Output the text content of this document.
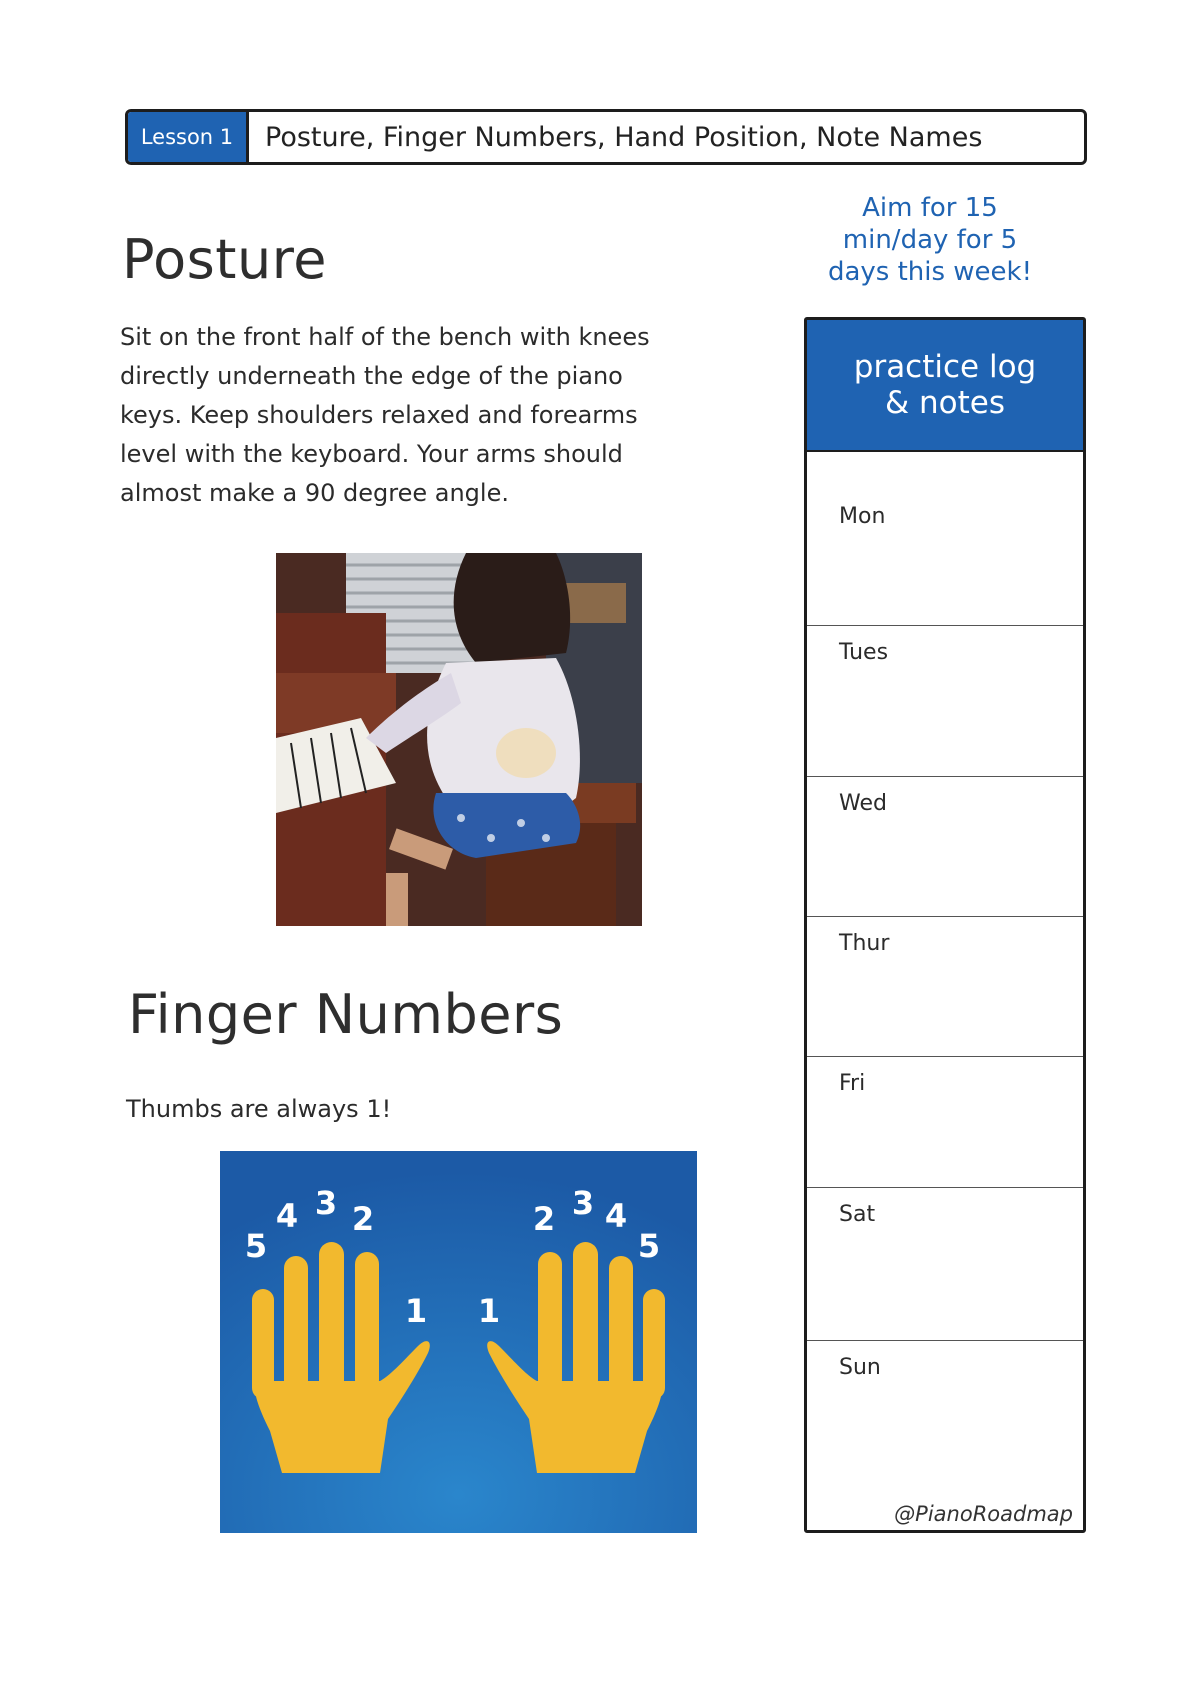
Lesson 1	Posture, Finger Numbers, Hand Position, Note Names
Posture
Sit on the front half of the bench with knees
directly underneath the edge of the piano
keys. Keep shoulders relaxed and forearms
level with the keyboard. Your arms should
almost make a 90 degree angle.
Finger Numbers
Thumbs are always 1!
5
4 3 2
1 1
2 3 4
5
Aim for 15
min/day for 5
days this week!
practice log
& notes
Mon
Tues
Wed
Thur
Fri
Sat
Sun
@PianoRoadmap
